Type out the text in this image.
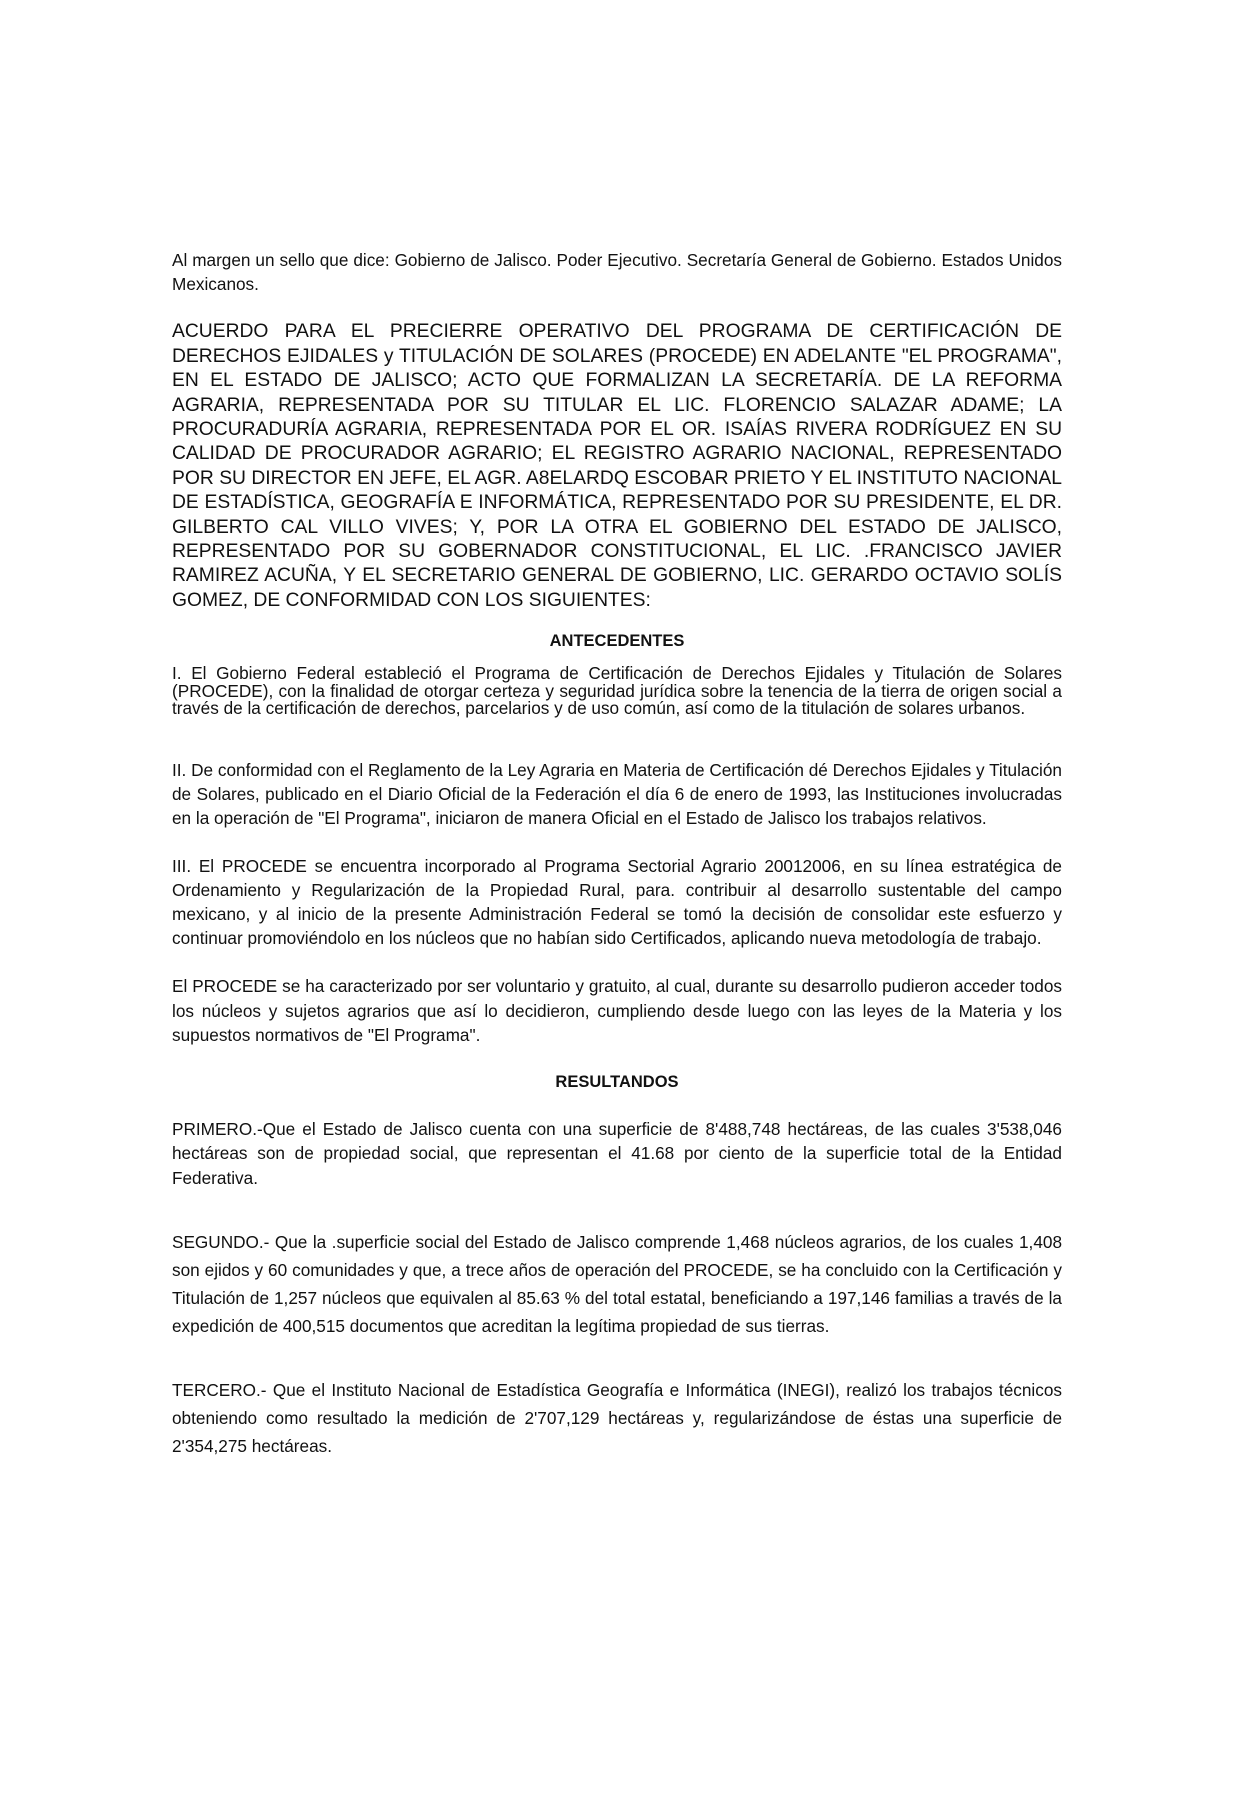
Al margen un sello que dice: Gobierno de Jalisco. Poder Ejecutivo. Secretaría General de Gobierno. Estados Unidos Mexicanos.

ACUERDO PARA EL PRECIERRE OPERATIVO DEL PROGRAMA DE CERTIFICACIÓN DE DERECHOS EJIDALES y TITULACIÓN DE SOLARES (PROCEDE) EN ADELANTE "EL PROGRAMA", EN EL ESTADO DE JALISCO; ACTO QUE FORMALIZAN LA SECRETARÍA. DE LA REFORMA AGRARIA, REPRESENTADA POR SU TITULAR EL LIC. FLORENCIO SALAZAR ADAME; LA PROCURADURÍA AGRARIA, REPRESENTADA POR EL OR. ISAÍAS RIVERA RODRÍGUEZ EN SU CALIDAD DE PROCURADOR AGRARIO; EL REGISTRO AGRARIO NACIONAL, REPRESENTADO POR SU DIRECTOR EN JEFE, EL AGR. A8ELARDQ ESCOBAR PRIETO Y EL INSTITUTO NACIONAL DE ESTADÍSTICA, GEOGRAFÍA E INFORMÁTICA, REPRESENTADO POR SU PRESIDENTE, EL DR. GILBERTO CAL VILLO VIVES; Y, POR LA OTRA EL GOBIERNO DEL ESTADO DE JALISCO, REPRESENTADO POR SU GOBERNADOR CONSTITUCIONAL, EL LIC. .FRANCISCO JAVIER RAMIREZ ACUÑA, Y EL SECRETARIO GENERAL DE GOBIERNO, LIC. GERARDO OCTAVIO SOLÍS GOMEZ, DE CONFORMIDAD CON LOS SIGUIENTES:

ANTECEDENTES

I. El Gobierno Federal estableció el Programa de Certificación de Derechos Ejidales y Titulación de Solares (PROCEDE), con la finalidad de otorgar certeza y seguridad jurídica sobre la tenencia de la tierra de origen social a través de la certificación de derechos, parcelarios y de uso común, así como de la titulación de solares urbanos.

II. De conformidad con el Reglamento de la Ley Agraria en Materia de Certificación dé Derechos Ejidales y Titulación de Solares, publicado en el Diario Oficial de la Federación el día 6 de enero de 1993, las Instituciones involucradas en la operación de "El Programa", iniciaron de manera Oficial en el Estado de Jalisco los trabajos relativos.

III. El PROCEDE se encuentra incorporado al Programa Sectorial Agrario 20012006, en su línea estratégica de Ordenamiento y Regularización de la Propiedad Rural, para. contribuir al desarrollo sustentable del campo mexicano, y al inicio de la presente Administración Federal se tomó la decisión de consolidar este esfuerzo y continuar promoviéndolo en los núcleos que no habían sido Certificados, aplicando nueva metodología de trabajo.

El PROCEDE se ha caracterizado por ser voluntario y gratuito, al cual, durante su desarrollo pudieron acceder todos los núcleos y sujetos agrarios que así lo decidieron, cumpliendo desde luego con las leyes de la Materia y los supuestos normativos de "El Programa".

RESULTANDOS

PRIMERO.-Que el Estado de Jalisco cuenta con una superficie de 8'488,748 hectáreas, de las cuales 3'538,046 hectáreas son de propiedad social, que representan el 41.68 por ciento de la superficie total de la Entidad Federativa.

SEGUNDO.- Que la .superficie social del Estado de Jalisco comprende 1,468 núcleos agrarios, de los cuales 1,408 son ejidos y 60 comunidades y que, a trece años de operación del PROCEDE, se ha concluido con la Certificación y Titulación de 1,257 núcleos que equivalen al 85.63 % del total estatal, beneficiando a 197,146 familias a través de la expedición de 400,515 documentos que acreditan la legítima propiedad de sus tierras.

TERCERO.- Que el Instituto Nacional de Estadística Geografía e Informática (INEGI), realizó los trabajos técnicos obteniendo como resultado la medición de 2'707,129 hectáreas y, regularizándose de éstas una superficie de 2'354,275 hectáreas.
